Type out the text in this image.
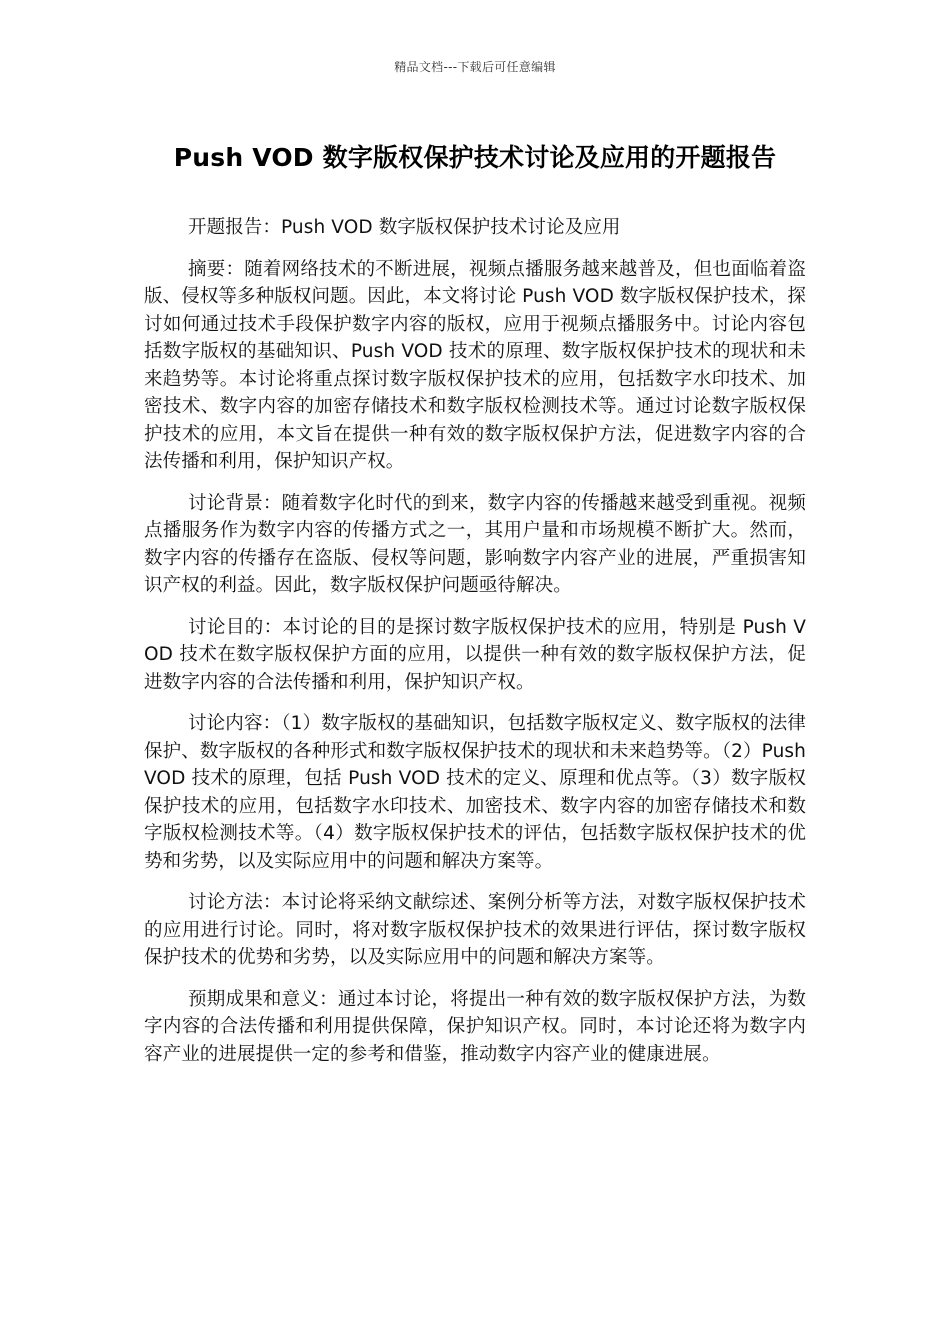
精品文档---下载后可任意编辑
Push VOD 数字版权保护技术讨论及应用的开题报告

开题报告：Push VOD 数字版权保护技术讨论及应用

摘要：随着网络技术的不断进展，视频点播服务越来越普及，但也面临着盗版、侵权等多种版权问题。因此，本文将讨论 Push VOD 数字版权保护技术，探讨如何通过技术手段保护数字内容的版权，应用于视频点播服务中。讨论内容包括数字版权的基础知识、Push VOD 技术的原理、数字版权保护技术的现状和未来趋势等。本讨论将重点探讨数字版权保护技术的应用，包括数字水印技术、加密技术、数字内容的加密存储技术和数字版权检测技术等。通过讨论数字版权保护技术的应用，本文旨在提供一种有效的数字版权保护方法，促进数字内容的合法传播和利用，保护知识产权。

讨论背景：随着数字化时代的到来，数字内容的传播越来越受到重视。视频点播服务作为数字内容的传播方式之一，其用户量和市场规模不断扩大。然而，数字内容的传播存在盗版、侵权等问题，影响数字内容产业的进展，严重损害知识产权的利益。因此，数字版权保护问题亟待解决。

讨论目的：本讨论的目的是探讨数字版权保护技术的应用，特别是 Push VOD 技术在数字版权保护方面的应用，以提供一种有效的数字版权保护方法，促进数字内容的合法传播和利用，保护知识产权。

讨论内容：（1）数字版权的基础知识，包括数字版权定义、数字版权的法律保护、数字版权的各种形式和数字版权保护技术的现状和未来趋势等。（2）Push VOD 技术的原理，包括 Push VOD 技术的定义、原理和优点等。（3）数字版权保护技术的应用，包括数字水印技术、加密技术、数字内容的加密存储技术和数字版权检测技术等。（4）数字版权保护技术的评估，包括数字版权保护技术的优势和劣势，以及实际应用中的问题和解决方案等。

讨论方法：本讨论将采纳文献综述、案例分析等方法，对数字版权保护技术的应用进行讨论。同时，将对数字版权保护技术的效果进行评估，探讨数字版权保护技术的优势和劣势，以及实际应用中的问题和解决方案等。

预期成果和意义：通过本讨论，将提出一种有效的数字版权保护方法，为数字内容的合法传播和利用提供保障，保护知识产权。同时，本讨论还将为数字内容产业的进展提供一定的参考和借鉴，推动数字内容产业的健康进展。
